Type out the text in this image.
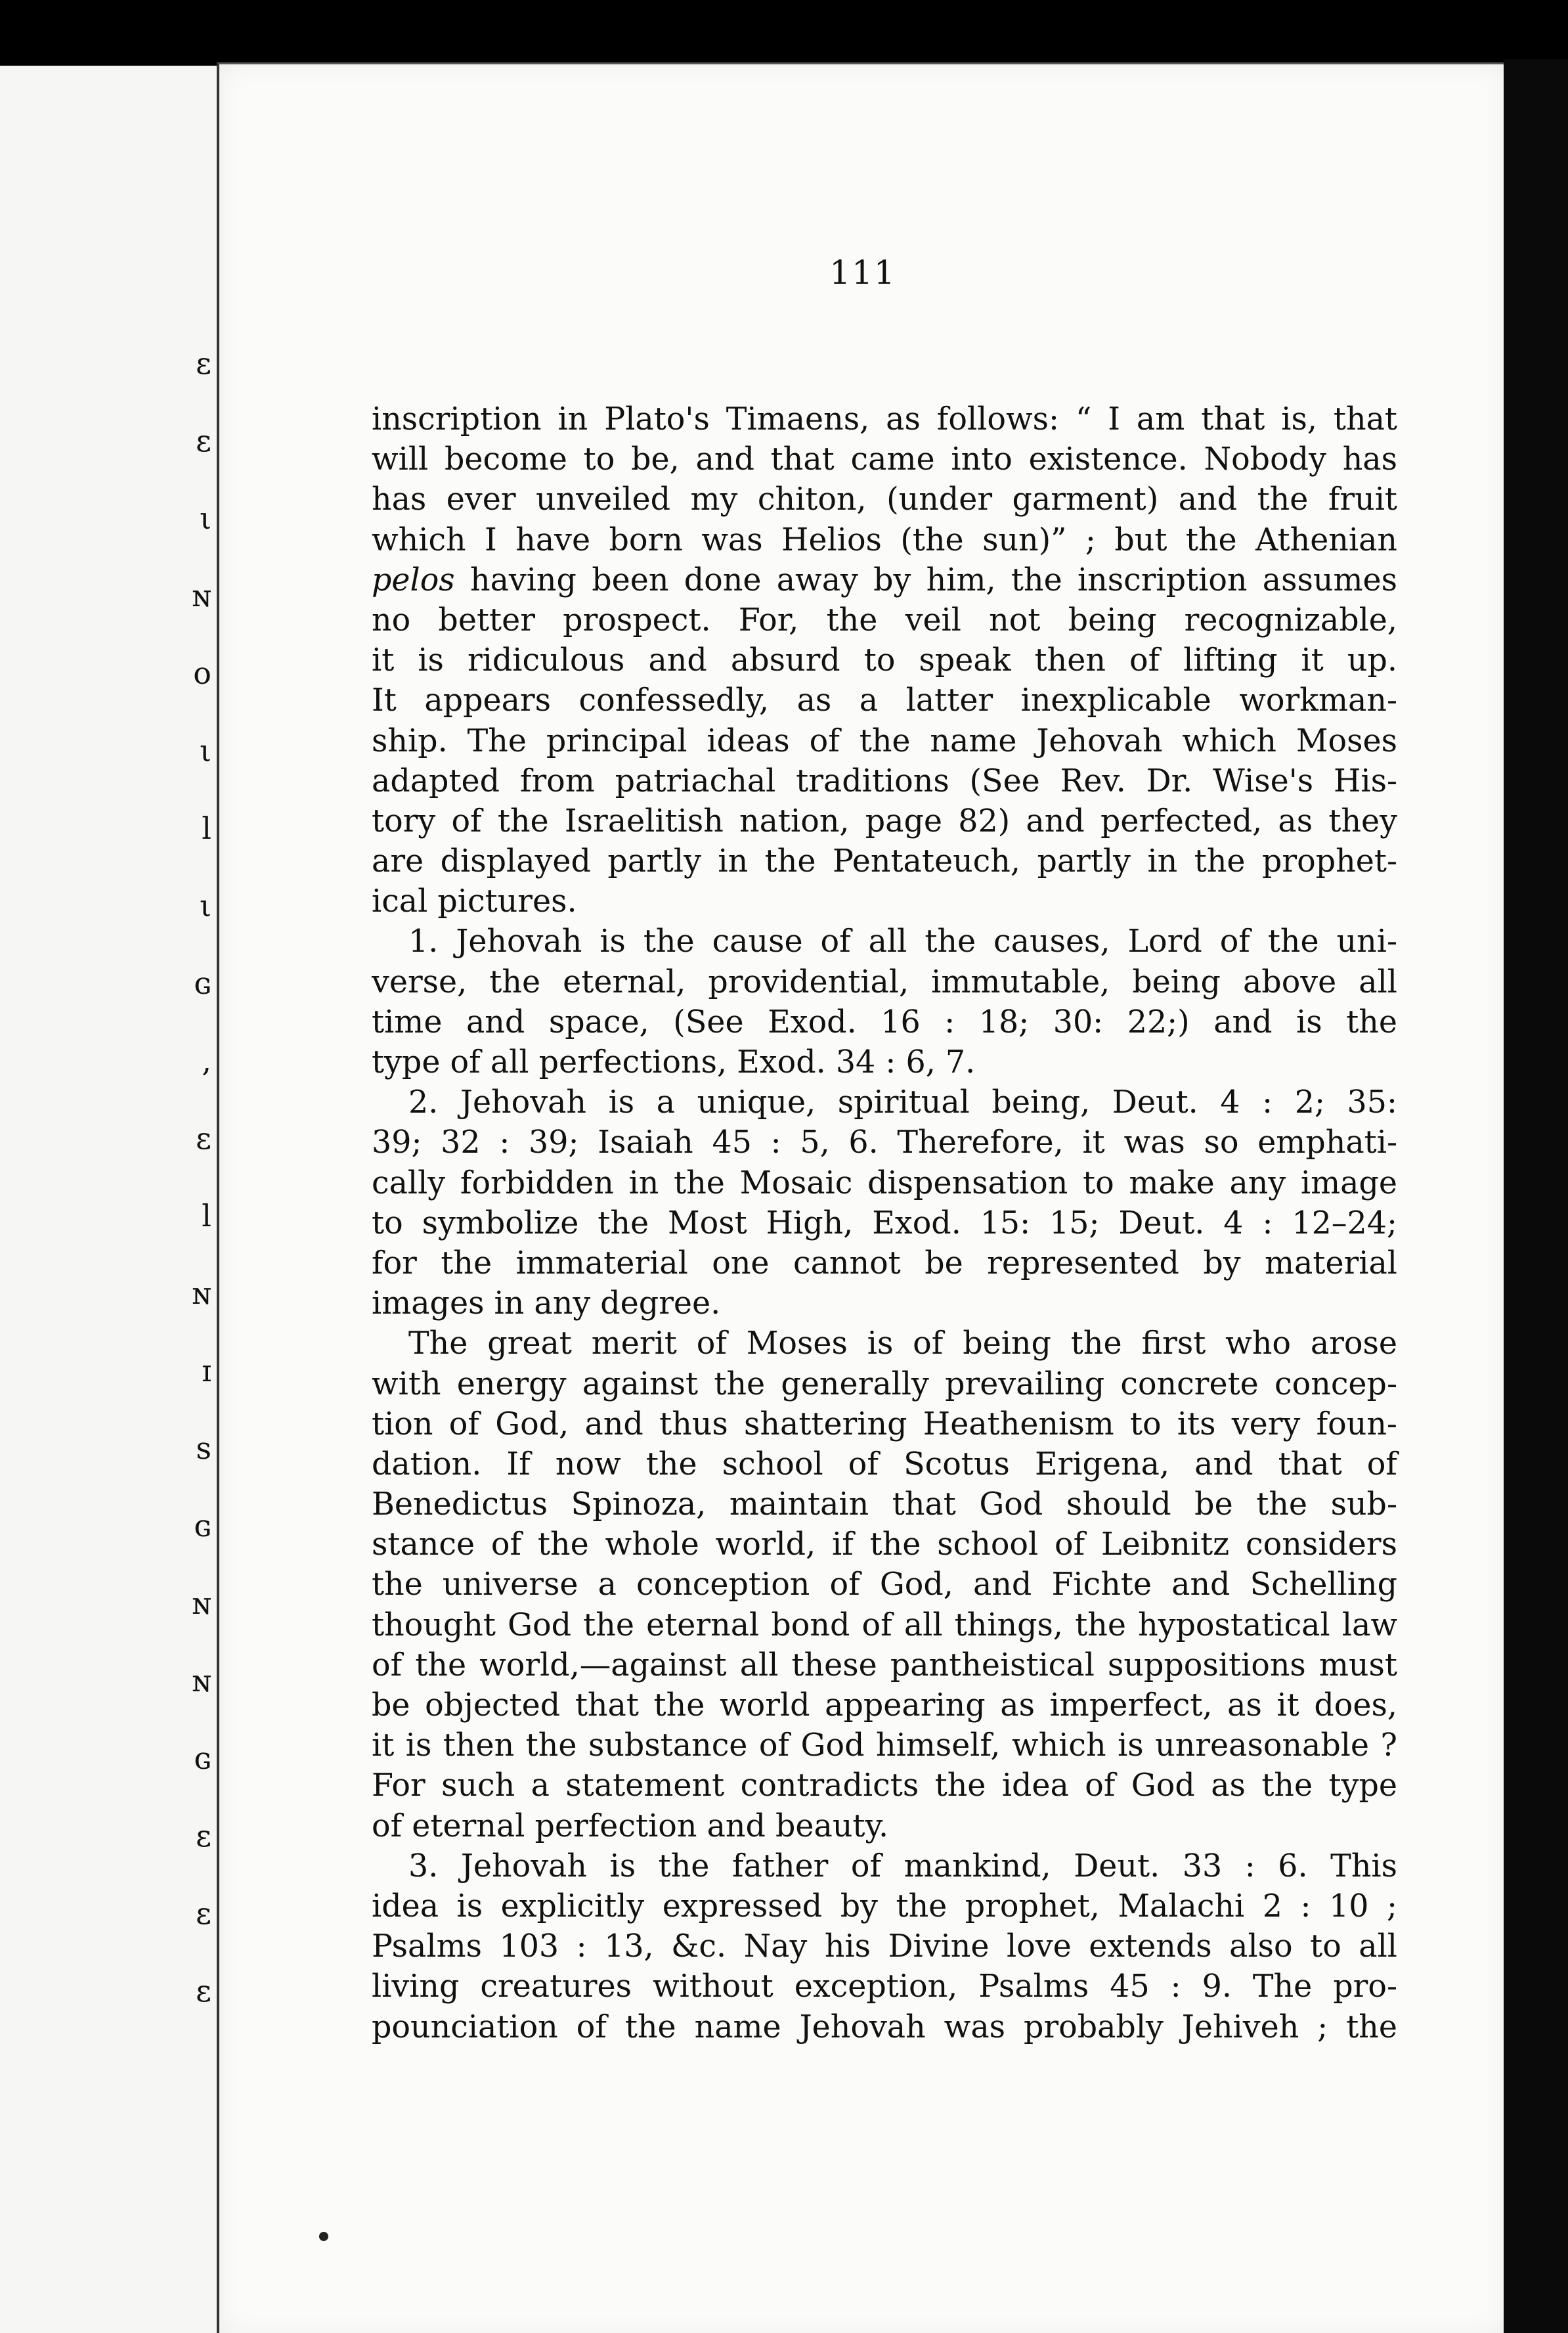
ε
ε
ι
ɴ
ᴏ
ι
l
ι
ɢ
,
ɛ
l
ɴ
ɪ
s
ɢ
ɴ
ɴ
ɢ
ε
ε
ε
111
inscription in Plato's Timaens, as follows: “ I am that is, that
will become to be, and that came into existence. Nobody has
has ever unveiled my chiton, (under garment) and the fruit
which I have born was Helios (the sun)” ; but the Athenian
pelos having been done away by him, the inscription assumes
no better prospect. For, the veil not being recognizable,
it is ridiculous and absurd to speak then of lifting it up.
It appears confessedly, as a latter inexplicable workman-
ship. The principal ideas of the name Jehovah which Moses
adapted from patriachal traditions (See Rev. Dr. Wise's His-
tory of the Israelitish nation, page 82) and perfected, as they
are displayed partly in the Pentateuch, partly in the prophet-
ical pictures.
1. Jehovah is the cause of all the causes, Lord of the uni-
verse, the eternal, providential, immutable, being above all
time and space, (See Exod. 16 : 18; 30: 22;) and is the
type of all perfections, Exod. 34 : 6, 7.
2. Jehovah is a unique, spiritual being, Deut. 4 : 2; 35:
39; 32 : 39; Isaiah 45 : 5, 6. Therefore, it was so emphati-
cally forbidden in the Mosaic dispensation to make any image
to symbolize the Most High, Exod. 15: 15; Deut. 4 : 12–24;
for the immaterial one cannot be represented by material
images in any degree.
The great merit of Moses is of being the first who arose
with energy against the generally prevailing concrete concep-
tion of God, and thus shattering Heathenism to its very foun-
dation. If now the school of Scotus Erigena, and that of
Benedictus Spinoza, maintain that God should be the sub-
stance of the whole world, if the school of Leibnitz considers
the universe a conception of God, and Fichte and Schelling
thought God the eternal bond of all things, the hypostatical law
of the world,—against all these pantheistical suppositions must
be objected that the world appearing as imperfect, as it does,
it is then the substance of God himself, which is unreasonable ?
For such a statement contradicts the idea of God as the type
of eternal perfection and beauty.
3. Jehovah is the father of mankind, Deut. 33 : 6. This
idea is explicitly expressed by the prophet, Malachi 2 : 10 ;
Psalms 103 : 13, &c. Nay his Divine love extends also to all
living creatures without exception, Psalms 45 : 9. The pro-
pounciation of the name Jehovah was probably Jehiveh ; the
